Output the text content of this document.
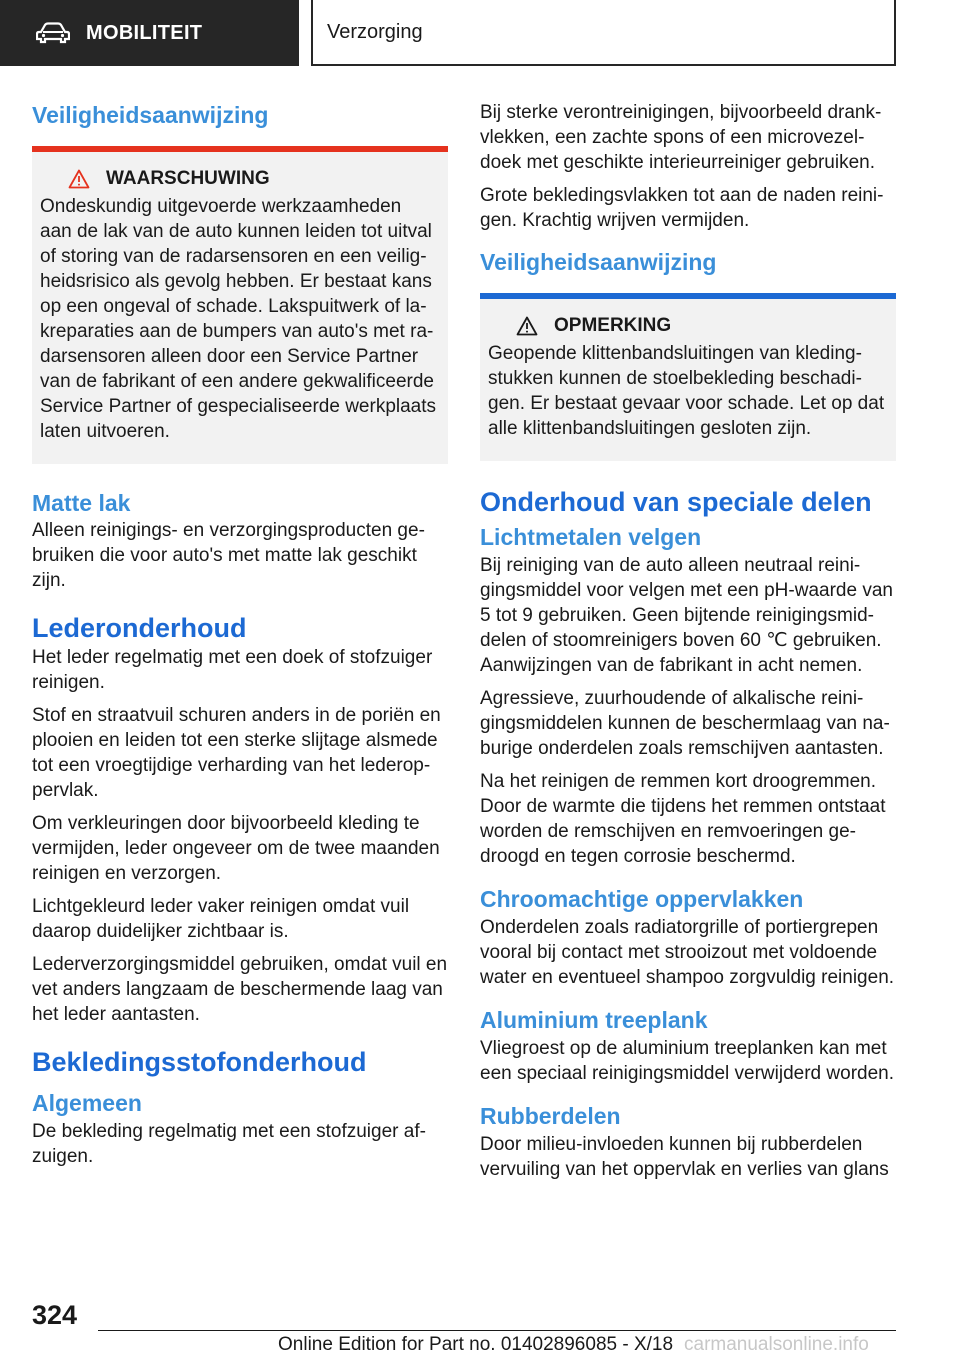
MOBILITEIT	Verzorging
Veiligheidsaanwijzing
WAARSCHUWING

Ondeskundig uitgevoerde werkzaamheden aan de lak van de auto kunnen leiden tot uitval of storing van de radarsensoren en een veilig-heidsrisico als gevolg hebben. Er bestaat kans op een ongeval of schade. Lakspuitwerk of la-kreparaties aan de bumpers van auto's met ra-darsensoren alleen door een Service Partner van de fabrikant of een andere gekwalificeerde Service Partner of gespecialiseerde werkplaats laten uitvoeren.

Matte lak

Alleen reinigings- en verzorgingsproducten ge-bruiken die voor auto's met matte lak geschikt zijn.

Lederonderhoud

Het leder regelmatig met een doek of stofzuiger reinigen.

Stof en straatvuil schuren anders in de poriën en plooien en leiden tot een sterke slijtage alsmede tot een vroegtijdige verharding van het lederop-pervlak.

Om verkleuringen door bijvoorbeeld kleding te vermijden, leder ongeveer om de twee maanden reinigen en verzorgen.

Lichtgekleurd leder vaker reinigen omdat vuil daarop duidelijker zichtbaar is.

Lederverzorgingsmiddel gebruiken, omdat vuil en vet anders langzaam de beschermende laag van het leder aantasten.

Bekledingsstofonderhoud
Algemeen

De bekleding regelmatig met een stofzuiger af-zuigen.

Bij sterke verontreinigingen, bijvoorbeeld drank-vlekken, een zachte spons of een microvezel-doek met geschikte interieurreiniger gebruiken.

Grote bekledingsvlakken tot aan de naden reini-gen. Krachtig wrijven vermijden.

Veiligheidsaanwijzing
OPMERKING

Geopende klittenbandsluitingen van kleding-stukken kunnen de stoelbekleding beschadi-gen. Er bestaat gevaar voor schade. Let op dat alle klittenbandsluitingen gesloten zijn.

Onderhoud van speciale delen
Lichtmetalen velgen

Bij reiniging van de auto alleen neutraal reini-gingsmiddel voor velgen met een pH-waarde van 5 tot 9 gebruiken. Geen bijtende reinigingsmid-delen of stoomreinigers boven 60 ℃ gebruiken. Aanwijzingen van de fabrikant in acht nemen.

Agressieve, zuurhoudende of alkalische reini-gingsmiddelen kunnen de beschermlaag van na-burige onderdelen zoals remschijven aantasten.

Na het reinigen de remmen kort droogremmen. Door de warmte die tijdens het remmen ontstaat worden de remschijven en remvoeringen ge-droogd en tegen corrosie beschermd.

Chroomachtige oppervlakken

Onderdelen zoals radiatorgrille of portiergrepen vooral bij contact met strooizout met voldoende water en eventueel shampoo zorgvuldig reinigen.

Aluminium treeplank

Vliegroest op de aluminium treeplanken kan met een speciaal reinigingsmiddel verwijderd worden.

Rubberdelen

Door milieu-invloeden kunnen bij rubberdelen vervuiling van het oppervlak en verlies van glans

324
Online Edition for Part no. 01402896085 - X/18 carmanualsonline.info
